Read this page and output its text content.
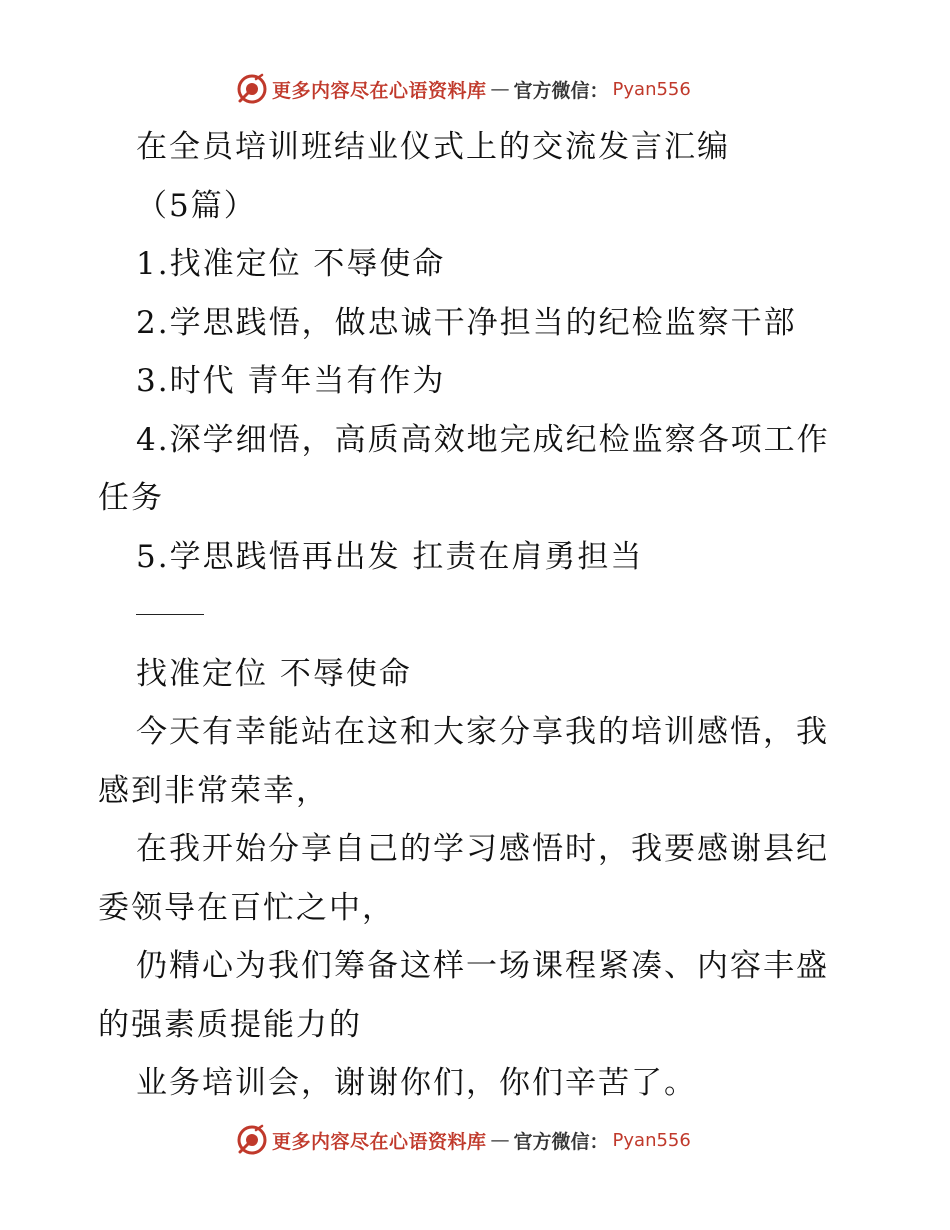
更多内容尽在心语资料库 — 官方微信： Pyan556
在全员培训班结业仪式上的交流发言汇编
（5篇）
1.找准定位 不辱使命
2.学思践悟，做忠诚干净担当的纪检监察干部
3.时代 青年当有作为
4.深学细悟，高质高效地完成纪检监察各项工作
任务
5.学思践悟再出发 扛责在肩勇担当
找准定位 不辱使命
今天有幸能站在这和大家分享我的培训感悟，我
感到非常荣幸，
在我开始分享自己的学习感悟时，我要感谢县纪
委领导在百忙之中，
仍精心为我们筹备这样一场课程紧凑、内容丰盛
的强素质提能力的
业务培训会，谢谢你们，你们辛苦了。
更多内容尽在心语资料库 — 官方微信： Pyan556
